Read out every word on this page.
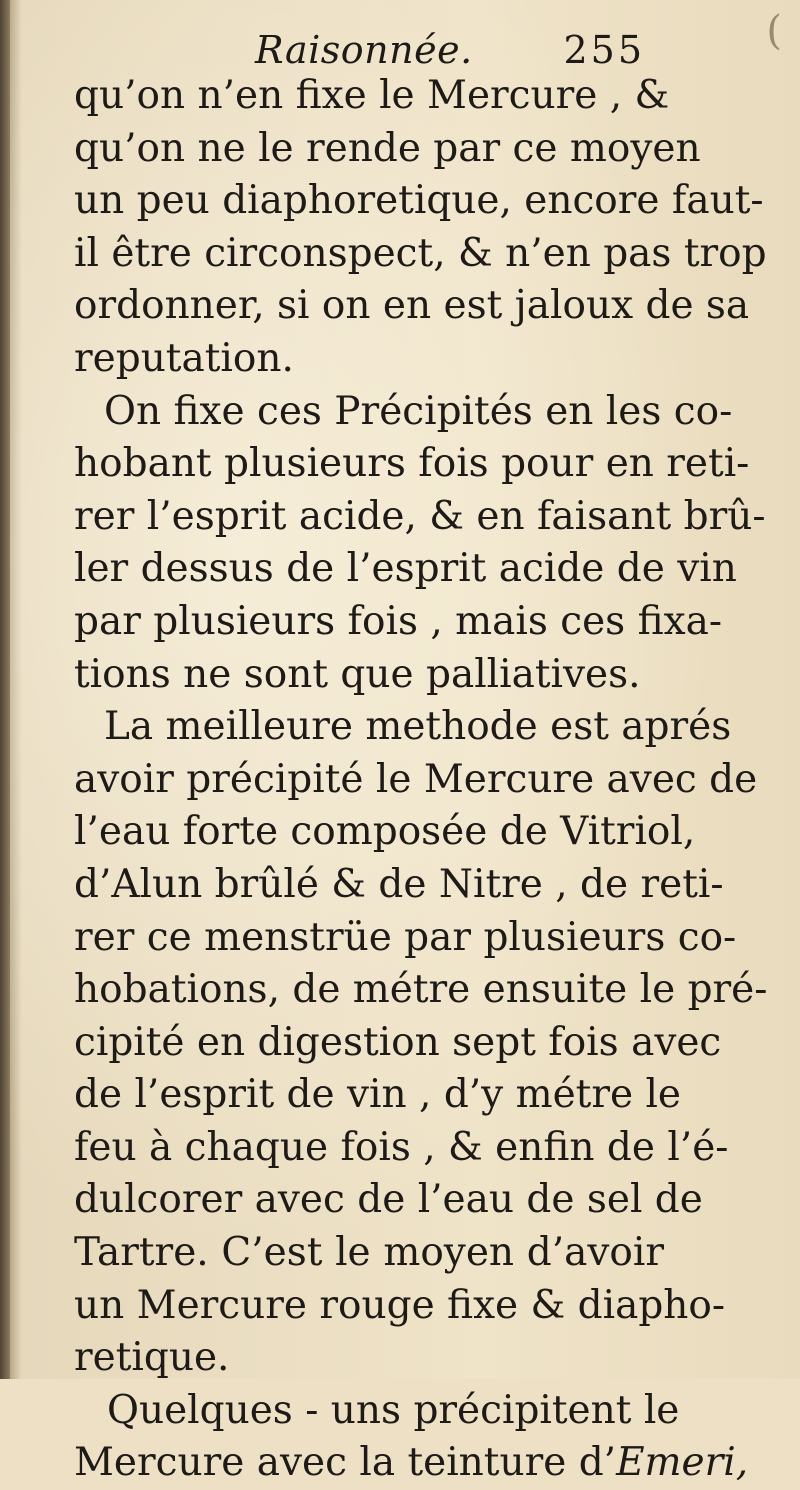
(
Raisonnée. 255
qu’on n’en fixe le Mercure , &
qu’on ne le rende par ce moyen
un peu diaphoretique, encore faut-
il être circonspect, & n’en pas trop
ordonner, si on en est jaloux de sa
reputation.
On fixe ces Précipités en les co-
hobant plusieurs fois pour en reti-
rer l’esprit acide, & en faisant brû-
ler dessus de l’esprit acide de vin
par plusieurs fois , mais ces fixa-
tions ne sont que palliatives.
La meilleure methode est aprés
avoir précipité le Mercure avec de
l’eau forte composée de Vitriol,
d’Alun brûlé & de Nitre , de reti-
rer ce menstrüe par plusieurs co-
hobations, de métre ensuite le pré-
cipité en digestion sept fois avec
de l’esprit de vin , d’y métre le
feu à chaque fois , & enfin de l’é-
dulcorer avec de l’eau de sel de
Tartre. C’est le moyen d’avoir
un Mercure rouge fixe & diapho-
retique.
Quelques - uns précipitent le
Mercure avec la teinture d’Emeri,
